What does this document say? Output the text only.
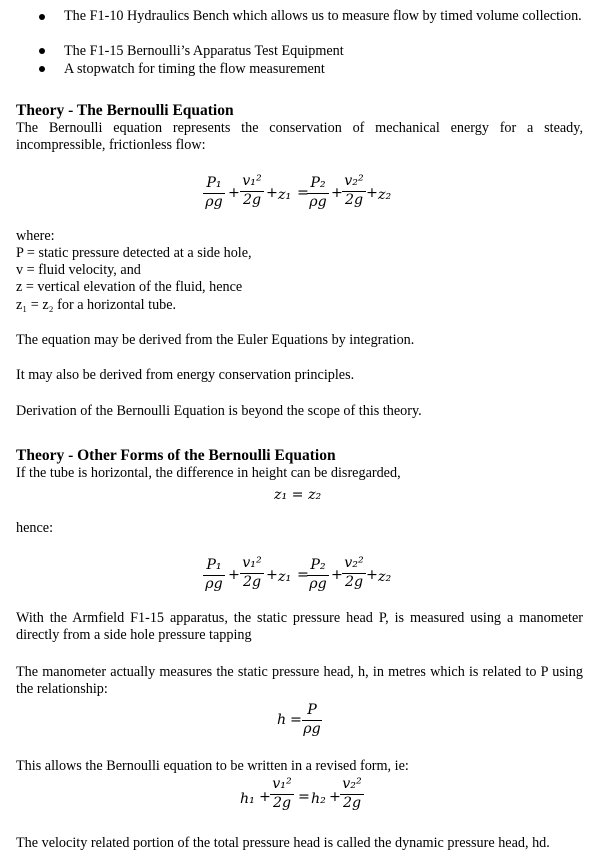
The F1-10 Hydraulics Bench which allows us to measure flow by timed volume collection.
The F1-15 Bernoulli’s Apparatus Test Equipment
A stopwatch for timing the flow measurement
Theory - The Bernoulli Equation
The Bernoulli equation represents the conservation of mechanical energy for a steady, incompressible, frictionless flow:
P₁
ρg
+
v₁²
2g + z₁ =
P₂
ρg
+
v₂²
2g + z₂
where:
P = static pressure detected at a side hole,
v = fluid velocity, and
z = vertical elevation of the fluid, hence
z₁ = z₂ for a horizontal tube.
The equation may be derived from the Euler Equations by integration.
It may also be derived from energy conservation principles.
Derivation of the Bernoulli Equation is beyond the scope of this theory.
Theory - Other Forms of the Bernoulli Equation
If the tube is horizontal, the difference in height can be disregarded,
z₁ = z₂
hence:
P₁
ρg
+
v₁²
2g + z₁ =
P₂
ρg
+
v₂²
2g + z₂
With the Armfield F1-15 apparatus, the static pressure head P, is measured using a manometer directly from a side hole pressure tapping
The manometer actually measures the static pressure head, h, in metres which is related to P using the relationship:
h =
P
ρg
This allows the Bernoulli equation to be written in a revised form, ie:
h₁ +
v₁²
2g = h₂ +
v₂²
2g
The velocity related portion of the total pressure head is called the dynamic pressure head, hd.
